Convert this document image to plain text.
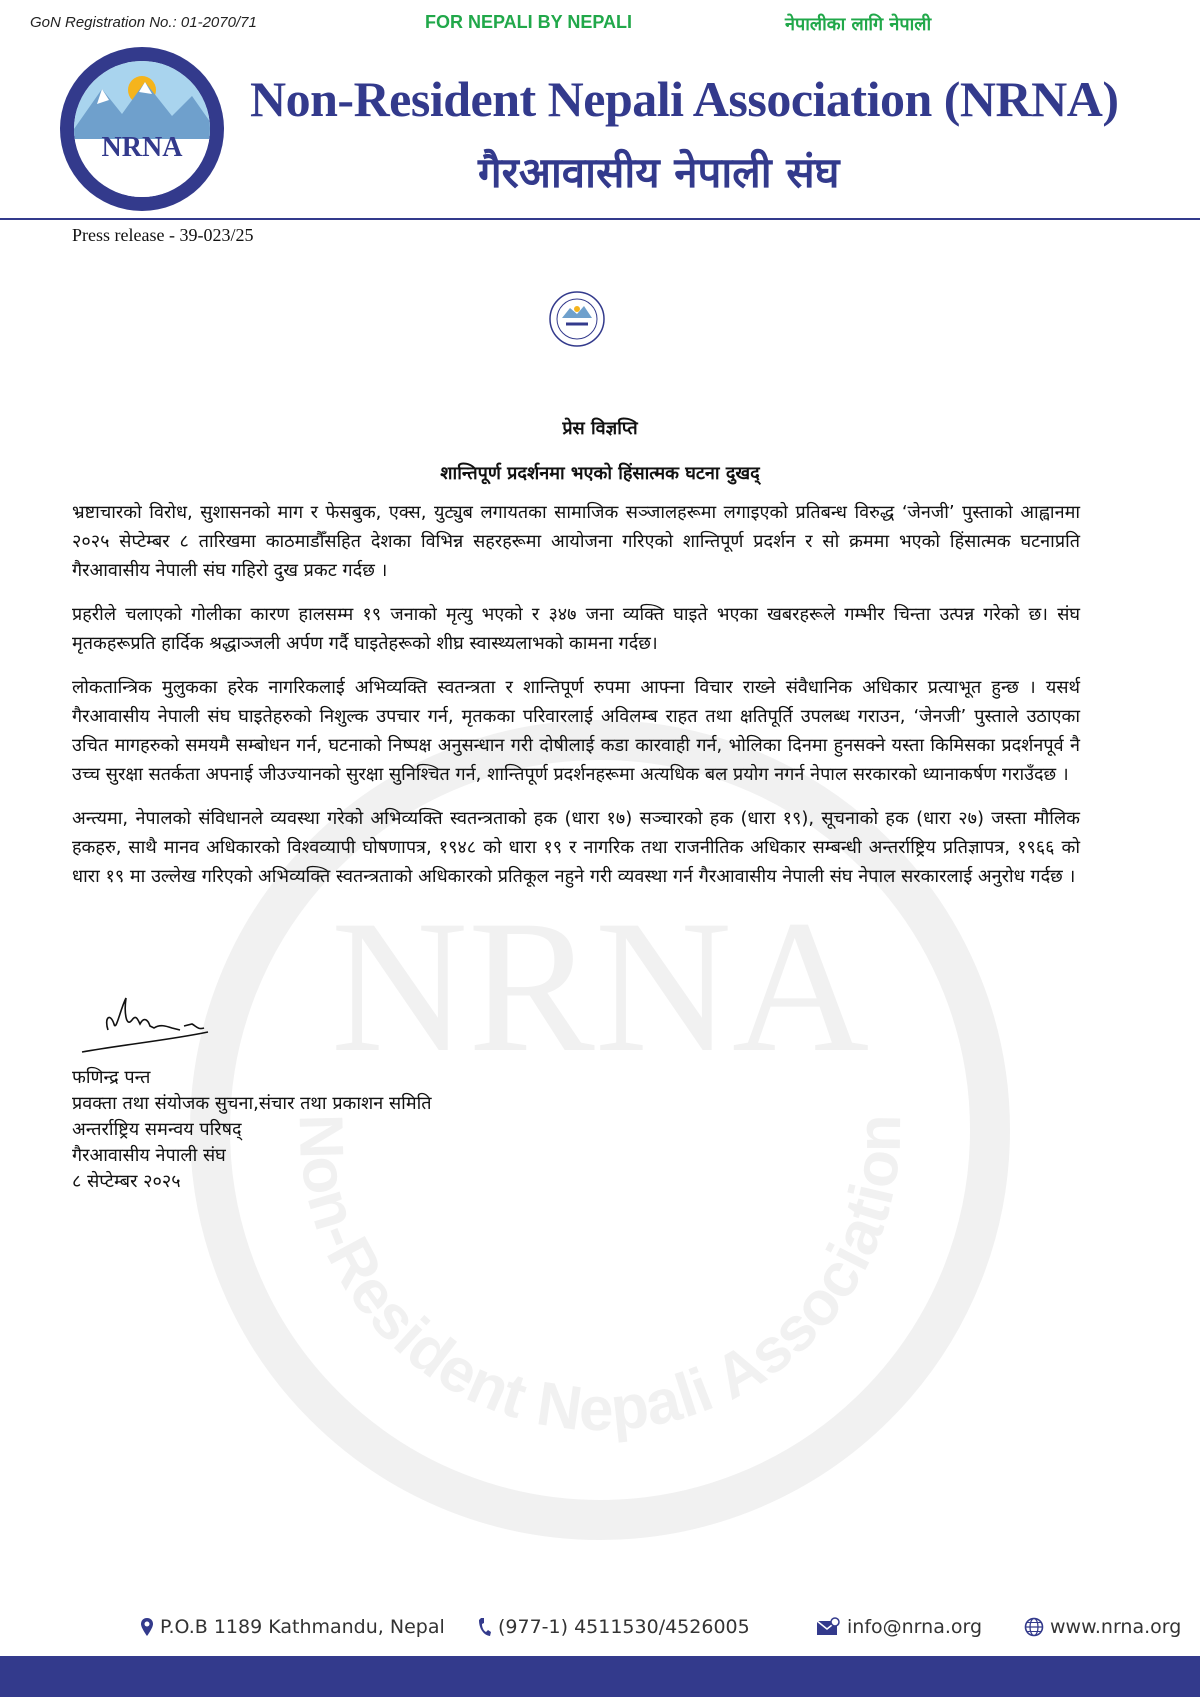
NRNA
Non-Resident Nepali Association
GoN Registration No.: 01-2070/71	FOR NEPALI BY NEPALI	नेपालीका लागि नेपाली
NRNA
Non-Resident Nepali Association
Non-Resident Nepali Association (NRNA)
गैरआवासीय नेपाली संघ
Press release - 39-023/25
प्रेस विज्ञप्ति
शान्तिपूर्ण प्रदर्शनमा भएको हिंसात्मक घटना दुखद्

भ्रष्टाचारको विरोध, सुशासनको माग र फेसबुक, एक्स, युट्युब लगायतका सामाजिक सञ्जालहरूमा लगाइएको प्रतिबन्ध विरुद्ध ‘जेनजी’ पुस्ताको आह्वानमा २०२५ सेप्टेम्बर ८ तारिखमा काठमाडौँसहित देशका विभिन्न सहरहरूमा आयोजना गरिएको शान्तिपूर्ण प्रदर्शन र सो क्रममा भएको हिंसात्मक घटनाप्रति गैरआवासीय नेपाली संघ गहिरो दुख प्रकट गर्दछ ।

प्रहरीले चलाएको गोलीका कारण हालसम्म १९ जनाको मृत्यु भएको र ३४७ जना व्यक्ति घाइते भएका खबरहरूले गम्भीर चिन्ता उत्पन्न गरेको छ। संघ मृतकहरूप्रति हार्दिक श्रद्धाञ्जली अर्पण गर्दै घाइतेहरूको शीघ्र स्वास्थ्यलाभको कामना गर्दछ।

लोकतान्त्रिक मुलुकका हरेक नागरिकलाई अभिव्यक्ति स्वतन्त्रता र शान्तिपूर्ण रुपमा आफ्ना विचार राख्ने संवैधानिक अधिकार प्रत्याभूत हुन्छ । यसर्थ गैरआवासीय नेपाली संघ घाइतेहरुको निशुल्क उपचार गर्न, मृतकका परिवारलाई अविलम्ब राहत तथा क्षतिपूर्ति उपलब्ध गराउन, ‘जेनजी’ पुस्ताले उठाएका उचित मागहरुको समयमै सम्बोधन गर्न, घटनाको निष्पक्ष अनुसन्धान गरी दोषीलाई कडा कारवाही गर्न, भोलिका दिनमा हुनसक्ने यस्ता किमिसका प्रदर्शनपूर्व नै उच्च सुरक्षा सतर्कता अपनाई जीउज्यानको सुरक्षा सुनिश्चित गर्न, शान्तिपूर्ण प्रदर्शनहरूमा अत्यधिक बल प्रयोग नगर्न नेपाल सरकारको ध्यानाकर्षण गराउँदछ ।

अन्त्यमा, नेपालको संविधानले व्यवस्था गरेको अभिव्यक्ति स्वतन्त्रताको हक (धारा १७) सञ्चारको हक (धारा १९), सूचनाको हक (धारा २७) जस्ता मौलिक हकहरु, साथै मानव अधिकारको विश्वव्यापी घोषणापत्र, १९४८ को धारा १९ र नागरिक तथा राजनीतिक अधिकार सम्बन्धी अन्तर्राष्ट्रिय प्रतिज्ञापत्र, १९६६ को धारा १९ मा उल्लेख गरिएको अभिव्यक्ति स्वतन्त्रताको अधिकारको प्रतिकूल नहुने गरी व्यवस्था गर्न गैरआवासीय नेपाली संघ नेपाल सरकारलाई अनुरोध गर्दछ ।

फणिन्द्र पन्त
प्रवक्ता तथा संयोजक सुचना,संचार तथा प्रकाशन समिति
अन्तर्राष्ट्रिय समन्वय परिषद्
गैरआवासीय नेपाली संघ
८ सेप्टेम्बर २०२५
P.O.B 1189 Kathmandu, Nepal	(977-1) 4511530/4526005	info@nrna.org	www.nrna.org
